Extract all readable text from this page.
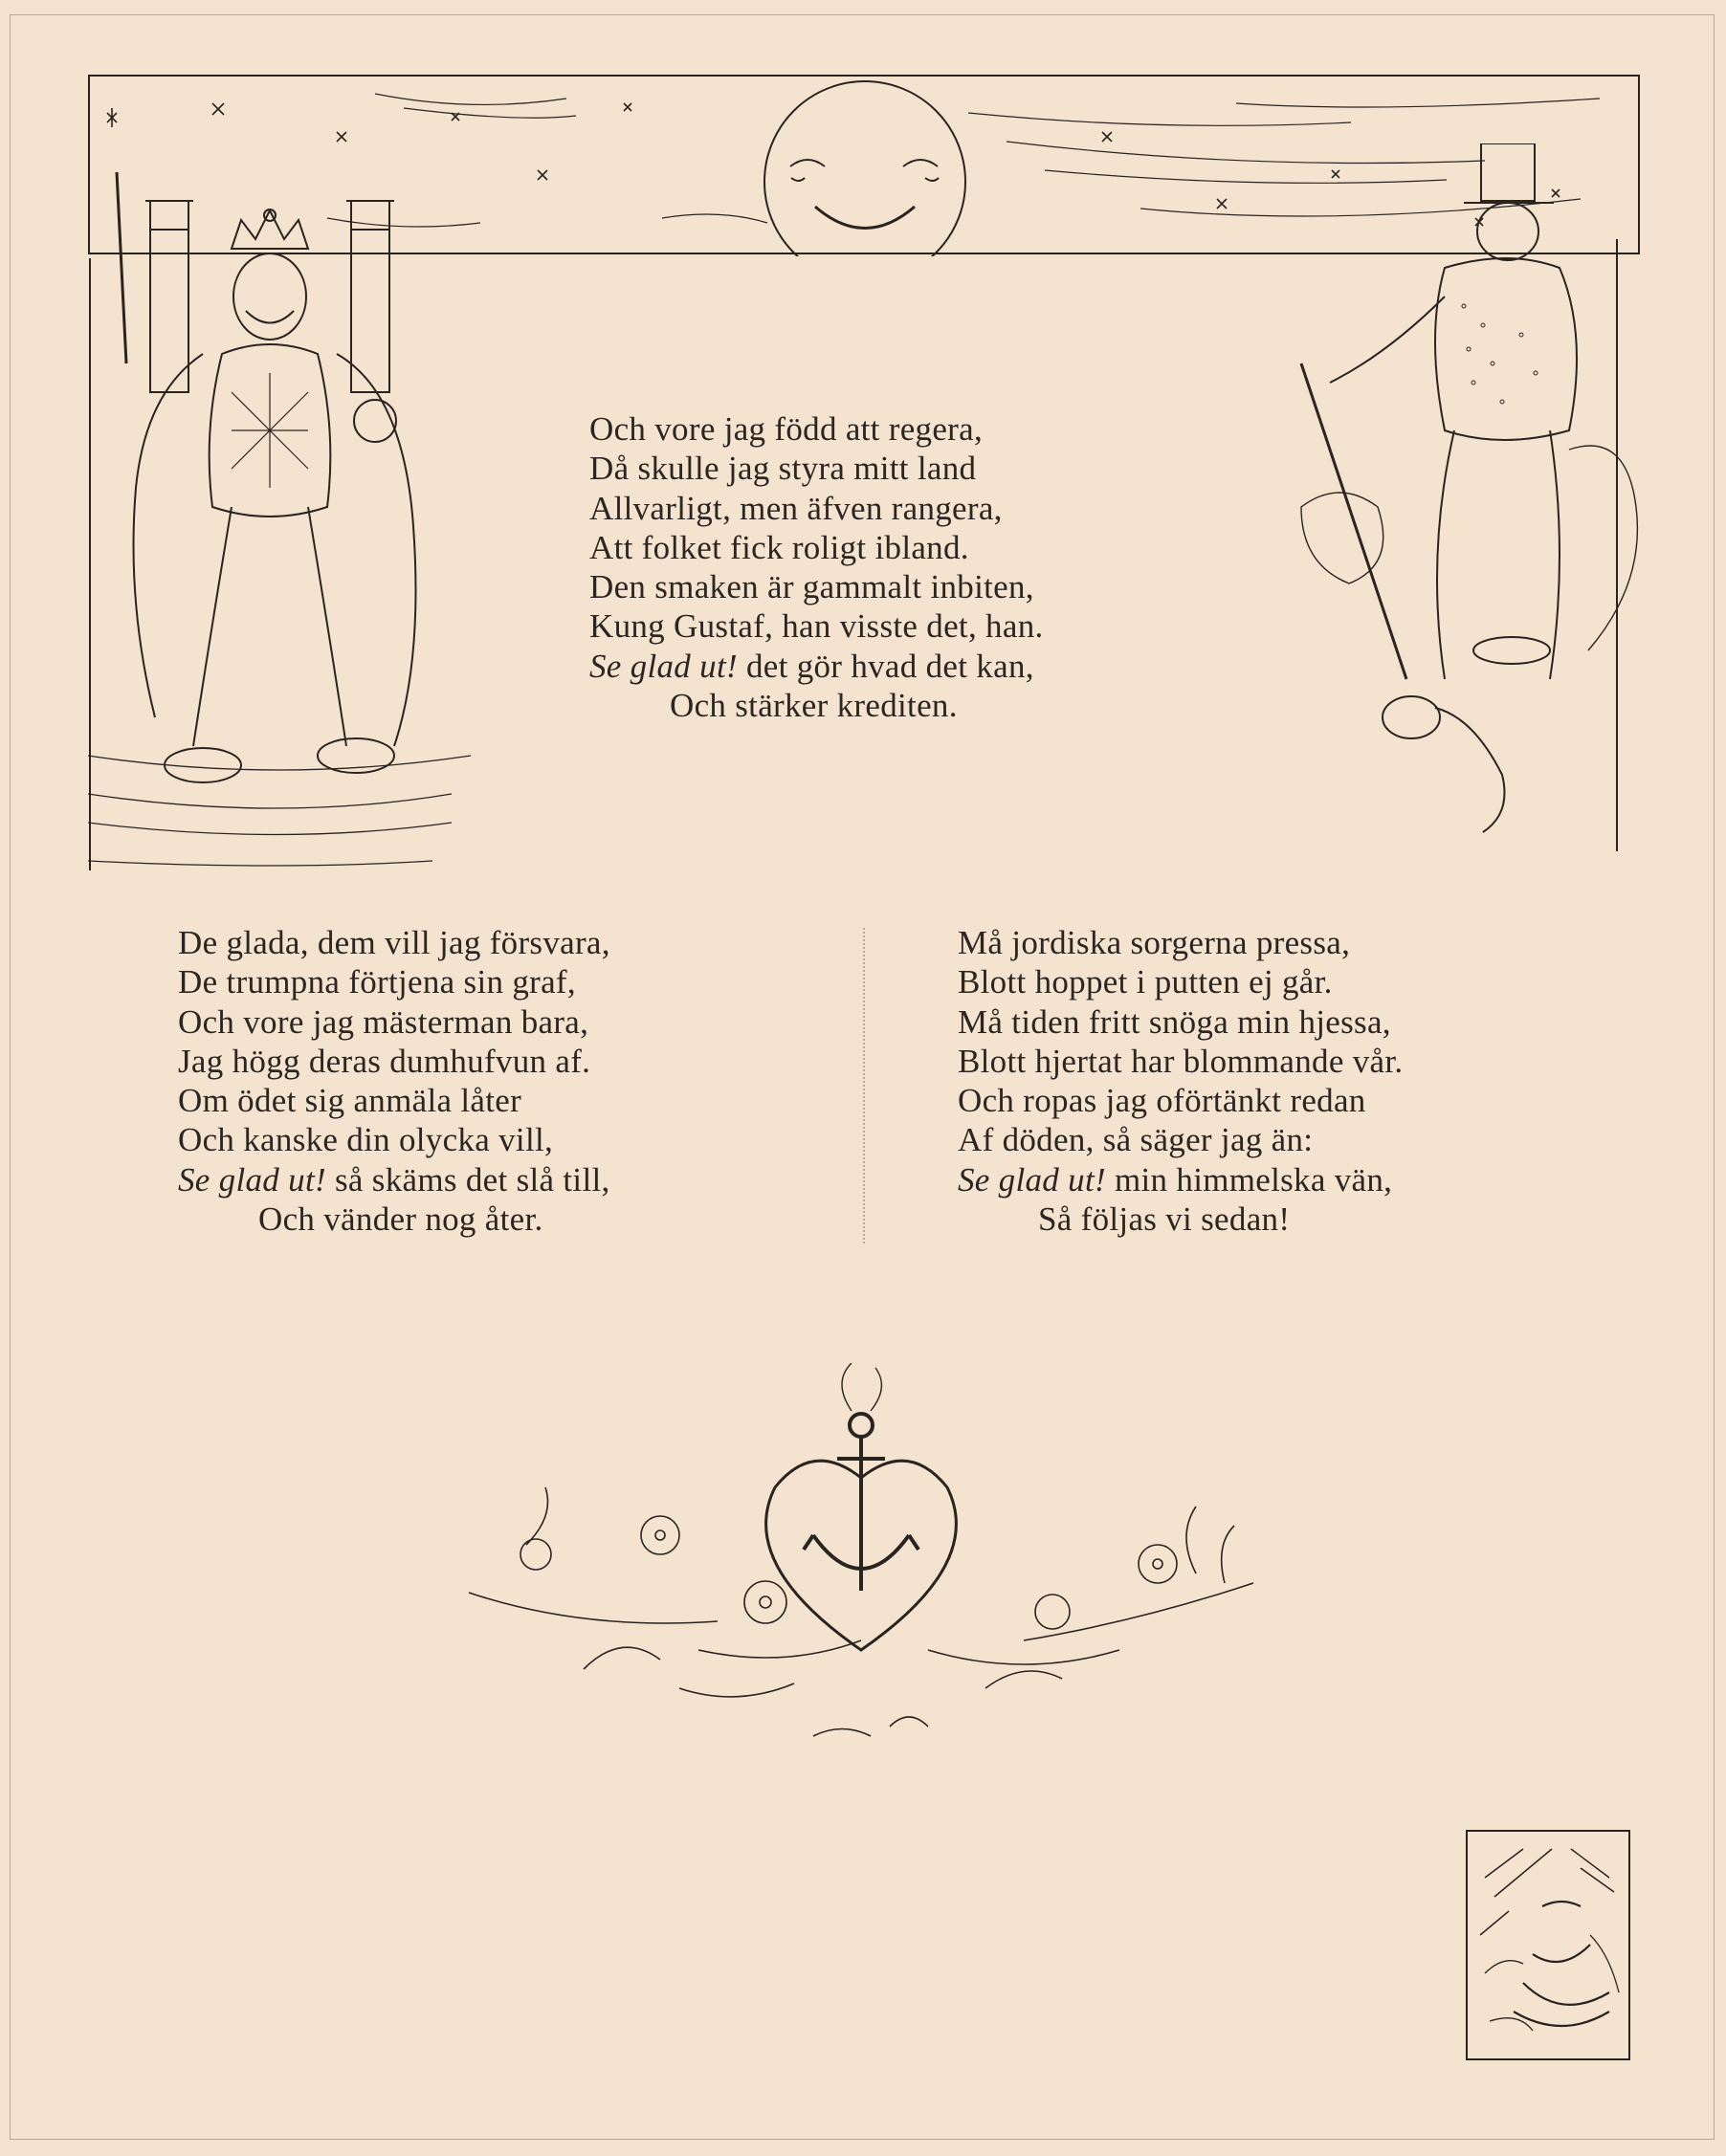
Och vore jag född att regera,
Då skulle jag styra mitt land
Allvarligt, men äfven rangera,
Att folket fick roligt ibland.
Den smaken är gammalt inbiten,
Kung Gustaf, han visste det, han.
Se glad ut! det gör hvad det kan,
Och stärker krediten.
De glada, dem vill jag försvara,
De trumpna förtjena sin graf,
Och vore jag mästerman bara,
Jag högg deras dumhufvun af.
Om ödet sig anmäla låter
Och kanske din olycka vill,
Se glad ut! så skäms det slå till,
Och vänder nog åter.
Må jordiska sorgerna pressa,
Blott hoppet i putten ej går.
Må tiden fritt snöga min hjessa,
Blott hjertat har blommande vår.
Och ropas jag oförtänkt redan
Af döden, så säger jag än:
Se glad ut! min himmelska vän,
Så följas vi sedan!
